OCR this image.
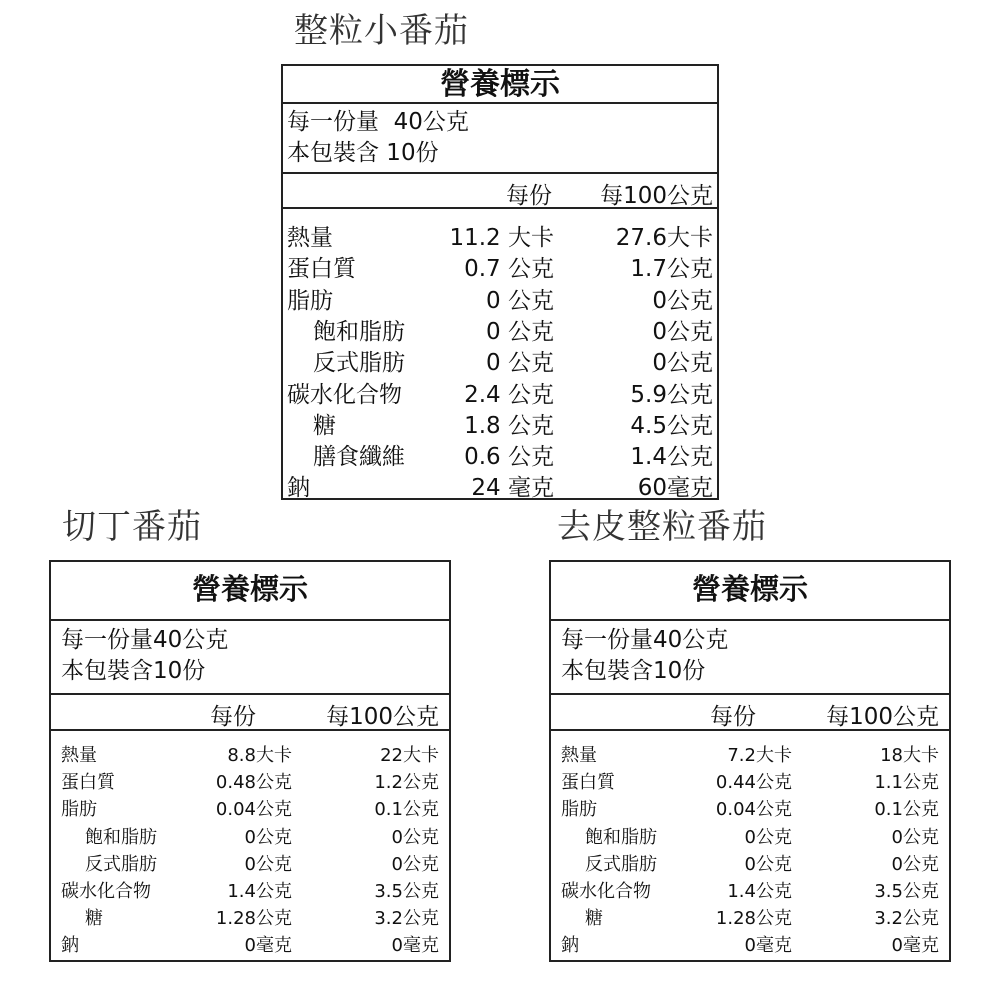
整粒小番茄
切丁番茄	去皮整粒番茄
營養標示
每一份量  40公克
本包裝含 10份
每份 每100公克
熱量	11.2 大卡	27.6大卡
蛋白質	0.7 公克	1.7公克
脂肪	0 公克	0公克
飽和脂肪	0 公克	0公克
反式脂肪	0 公克	0公克
碳水化合物	2.4 公克	5.9公克
糖	1.8 公克	4.5公克
膳食纖維	0.6 公克	1.4公克
鈉	24 毫克	60毫克
營養標示
每一份量40公克
本包裝含10份
每份	每100公克
熱量	8.8大卡	22大卡
蛋白質	0.48公克	1.2公克
脂肪	0.04公克	0.1公克
飽和脂肪	0公克	0公克
反式脂肪	0公克	0公克
碳水化合物	1.4公克	3.5公克
糖	1.28公克	3.2公克
鈉	0毫克	0毫克
營養標示
每一份量40公克
本包裝含10份
每份	每100公克
熱量	7.2大卡	18大卡
蛋白質	0.44公克	1.1公克
脂肪	0.04公克	0.1公克
飽和脂肪	0公克	0公克
反式脂肪	0公克	0公克
碳水化合物	1.4公克	3.5公克
糖	1.28公克	3.2公克
鈉	0毫克	0毫克
